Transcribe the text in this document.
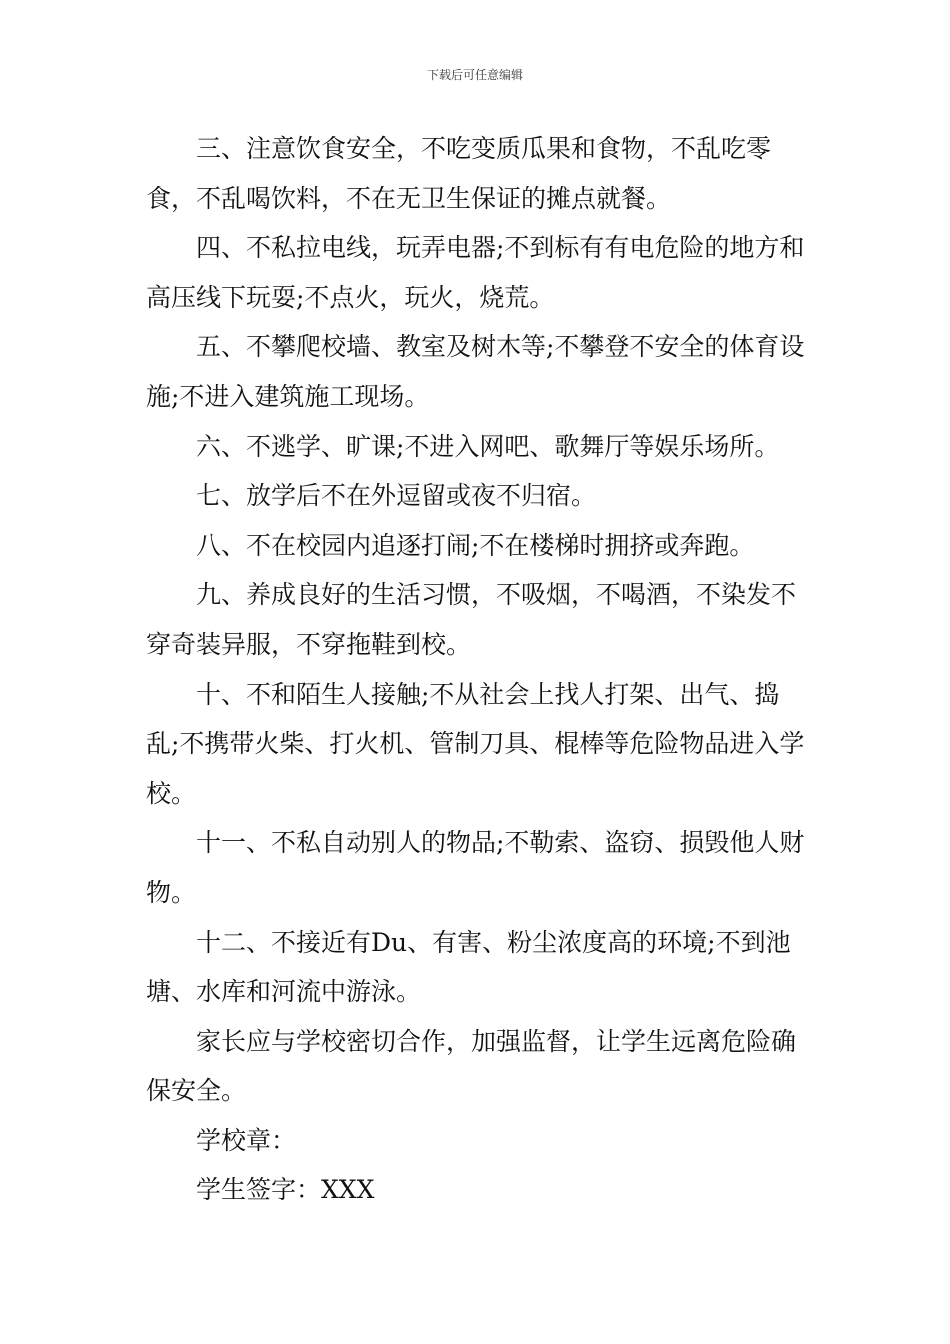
下载后可任意编辑

三、注意饮食安全，不吃变质瓜果和食物，不乱吃零食，不乱喝饮料，不在无卫生保证的摊点就餐。

四、不私拉电线，玩弄电器;不到标有有电危险的地方和高压线下玩耍;不点火，玩火，烧荒。

五、不攀爬校墙、教室及树木等;不攀登不安全的体育设施;不进入建筑施工现场。

六、不逃学、旷课;不进入网吧、歌舞厅等娱乐场所。

七、放学后不在外逗留或夜不归宿。

八、不在校园内追逐打闹;不在楼梯时拥挤或奔跑。

九、养成良好的生活习惯，不吸烟，不喝酒，不染发不穿奇装异服，不穿拖鞋到校。

十、不和陌生人接触;不从社会上找人打架、出气、捣乱;不携带火柴、打火机、管制刀具、棍棒等危险物品进入学校。

十一、不私自动别人的物品;不勒索、盗窃、损毁他人财物。

十二、不接近有Du、有害、粉尘浓度高的环境;不到池塘、水库和河流中游泳。

家长应与学校密切合作，加强监督，让学生远离危险确保安全。

学校章：

学生签字：XXX
